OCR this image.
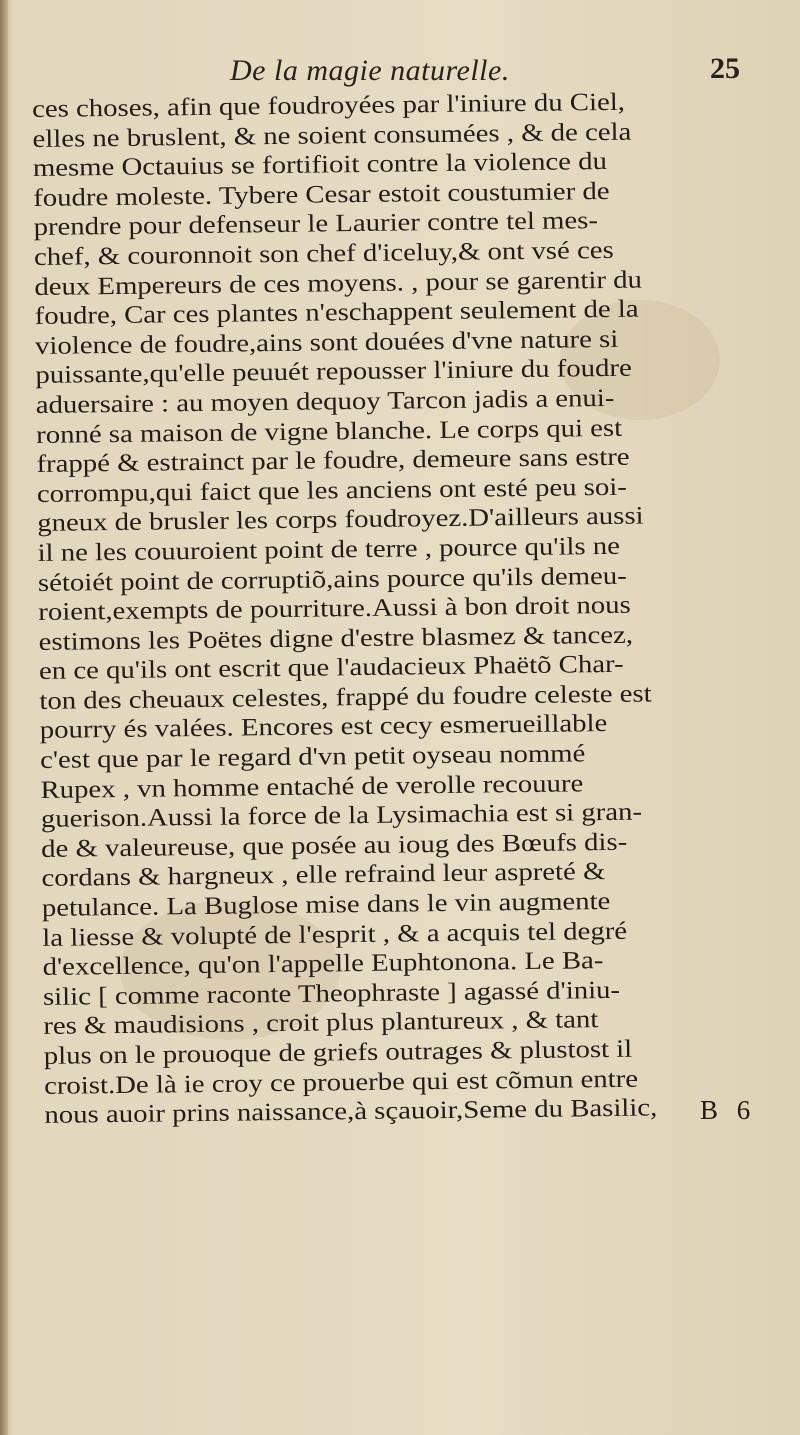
De la magie naturelle.	25
ces choses, afin que foudroyées par l'iniure du Ciel,
elles ne bruslent, & ne soient consumées , & de cela
mesme Octauius se fortifioit contre la violence du
foudre moleste. Tybere Cesar estoit coustumier de
prendre pour defenseur le Laurier contre tel mes-
chef, & couronnoit son chef d'iceluy,& ont vsé ces
deux Empereurs de ces moyens. , pour se garentir du
foudre, Car ces plantes n'eschappent seulement de la
violence de foudre,ains sont douées d'vne nature si
puissante,qu'elle peuuét repousser l'iniure du foudre
aduersaire : au moyen dequoy Tarcon jadis a enui-
ronné sa maison de vigne blanche. Le corps qui est
frappé & estrainct par le foudre, demeure sans estre
corrompu,qui faict que les anciens ont esté peu soi-
gneux de brusler les corps foudroyez.D'ailleurs aussi
il ne les couuroient point de terre , pource qu'ils ne
sétoiét point de corruptiõ,ains pource qu'ils demeu-
roient,exempts de pourriture.Aussi à bon droit nous
estimons les Poëtes digne d'estre blasmez & tancez,
en ce qu'ils ont escrit que l'audacieux Phaëtõ Char-
ton des cheuaux celestes, frappé du foudre celeste est
pourry és valées. Encores est cecy esmerueillable
c'est que par le regard d'vn petit oyseau nommé
Rupex , vn homme entaché de verolle recouure
guerison.Aussi la force de la Lysimachia est si gran-
de & valeureuse, que posée au ioug des Bœufs dis-
cordans & hargneux , elle refraind leur aspreté &
petulance. La Buglose mise dans le vin augmente
la liesse & volupté de l'esprit , & a acquis tel degré
d'excellence, qu'on l'appelle Euphtonona. Le Ba-
silic [ comme raconte Theophraste ] agassé d'iniu-
res & maudisions , croit plus plantureux , & tant
plus on le prouoque de griefs outrages & plustost il
croist.De là ie croy ce prouerbe qui est cõmun entre
nous auoir prins naissance,à sçauoir,Seme du Basilic, B 6
